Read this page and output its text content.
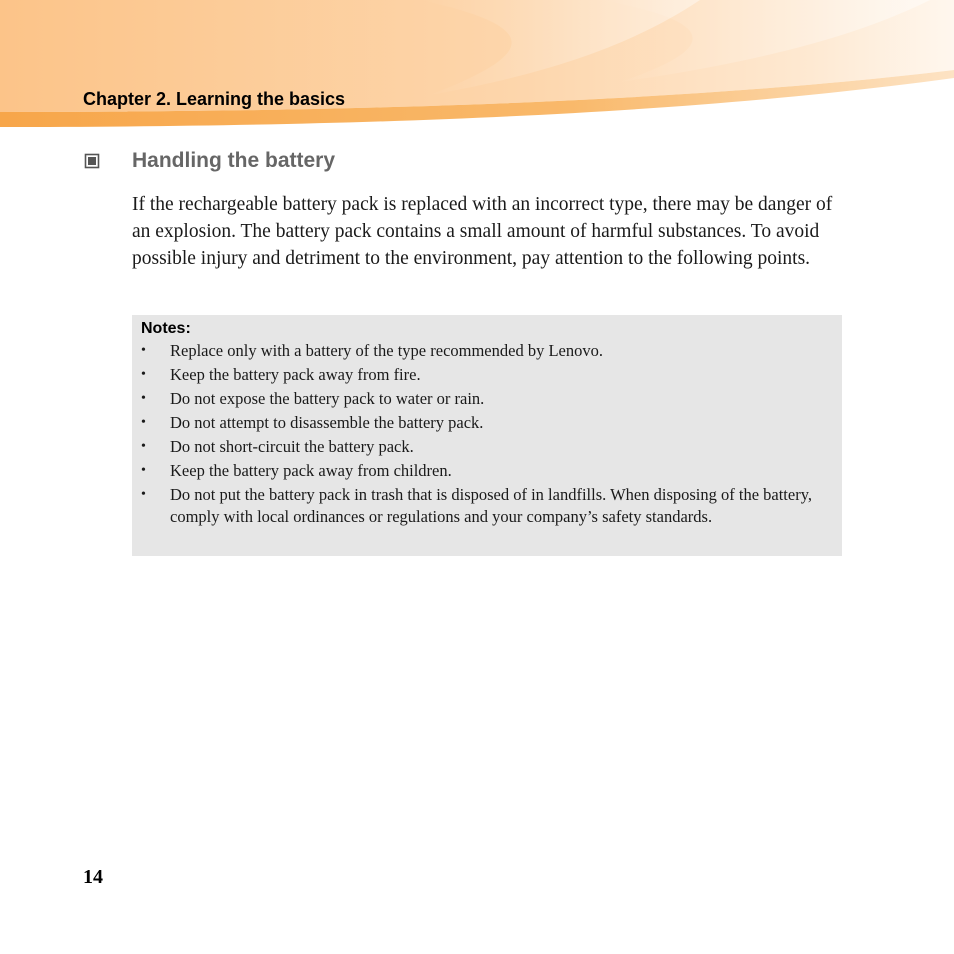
Chapter 2. Learning the basics
Handling the battery

If the rechargeable battery pack is replaced with an incorrect type, there may be danger of an explosion. The battery pack contains a small amount of harmful substances. To avoid possible injury and detriment to the environment, pay attention to the following points.

Notes:
•	Replace only with a battery of the type recommended by Lenovo.
•	Keep the battery pack away from fire.
•	Do not expose the battery pack to water or rain.
•	Do not attempt to disassemble the battery pack.
•	Do not short-circuit the battery pack.
•	Keep the battery pack away from children.
•	Do not put the battery pack in trash that is disposed of in landfills. When disposing of the battery, comply with local ordinances or regulations and your company’s safety standards.
14
